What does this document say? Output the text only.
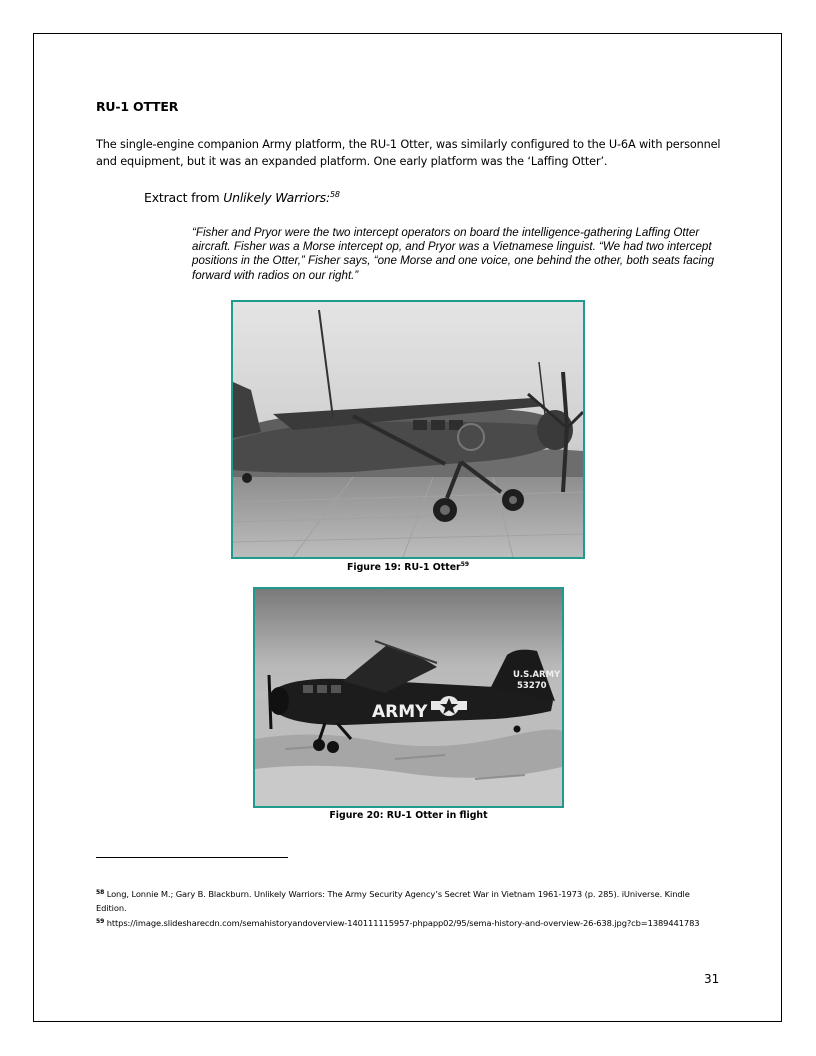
RU-1 OTTER
The single-engine companion Army platform, the RU-1 Otter, was similarly configured to the U-6A with personnel and equipment, but it was an expanded platform. One early platform was the ‘Laffing Otter’.
Extract from Unlikely Warriors:$^{58}$
“Fisher and Pryor were the two intercept operators on board the intelligence-gathering Laffing Otter aircraft. Fisher was a Morse intercept op, and Pryor was a Vietnamese linguist. “We had two intercept positions in the Otter,” Fisher says, “one Morse and one voice, one behind the other, both seats facing forward with radios on our right.”
Figure 19: RU-1 Otter$^{59}$
ARMY
U.S.ARMY
53270
Figure 20: RU-1 Otter in flight
$^{58}$ Long, Lonnie M.; Gary B. Blackburn. Unlikely Warriors: The Army Security Agency’s Secret War in Vietnam 1961-1973 (p. 285). iUniverse. Kindle Edition.
$^{59}$ https://image.slidesharecdn.com/semahistoryandoverview-140111115957-phpapp02/95/sema-history-and-overview-26-638.jpg?cb=1389441783
31
